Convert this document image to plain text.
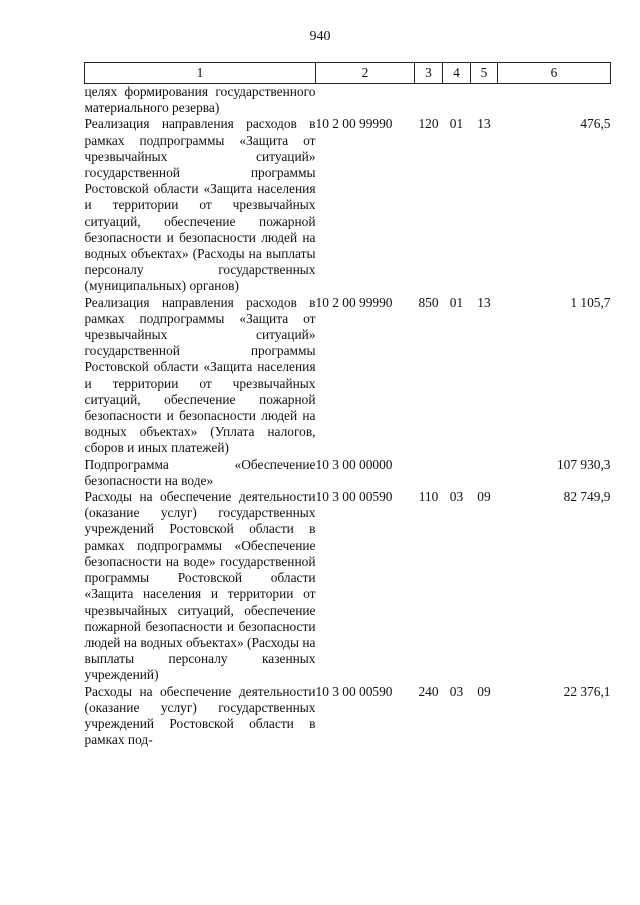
940
1	2	3	4	5	6
целях формирования государственного материального резерва)					
Реализация направления расходов в рамках подпрограммы «Защита от чрезвычайных ситуаций» государственной программы Ростовской области «Защита населения и территории от чрезвычайных ситуаций, обеспечение пожарной безопасности и безопасности людей на водных объектах» (Расходы на выплаты персоналу государственных (муниципальных) органов)	10 2 00 99990	120	01	13	476,5
Реализация направления расходов в рамках подпрограммы «Защита от чрезвычайных ситуаций» государственной программы Ростовской области «Защита населения и территории от чрезвычайных ситуаций, обеспечение пожарной безопасности и безопасности людей на водных объектах» (Уплата налогов, сборов и иных платежей)	10 2 00 99990	850	01	13	1 105,7
Подпрограмма «Обеспечение безопасности на воде»	10 3 00 00000				107 930,3
Расходы на обеспечение деятельности (оказание услуг) государственных учреждений Ростовской области в рамках подпрограммы «Обеспечение безопасности на воде» государственной программы Ростовской области «Защита населения и территории от чрезвычайных ситуаций, обеспечение пожарной безопасности и безопасности людей на водных объектах» (Расходы на выплаты персоналу казенных учреждений)	10 3 00 00590	110	03	09	82 749,9
Расходы на обеспечение деятельности (оказание услуг) государственных учреждений Ростовской области в рамках под-	10 3 00 00590	240	03	09	22 376,1
